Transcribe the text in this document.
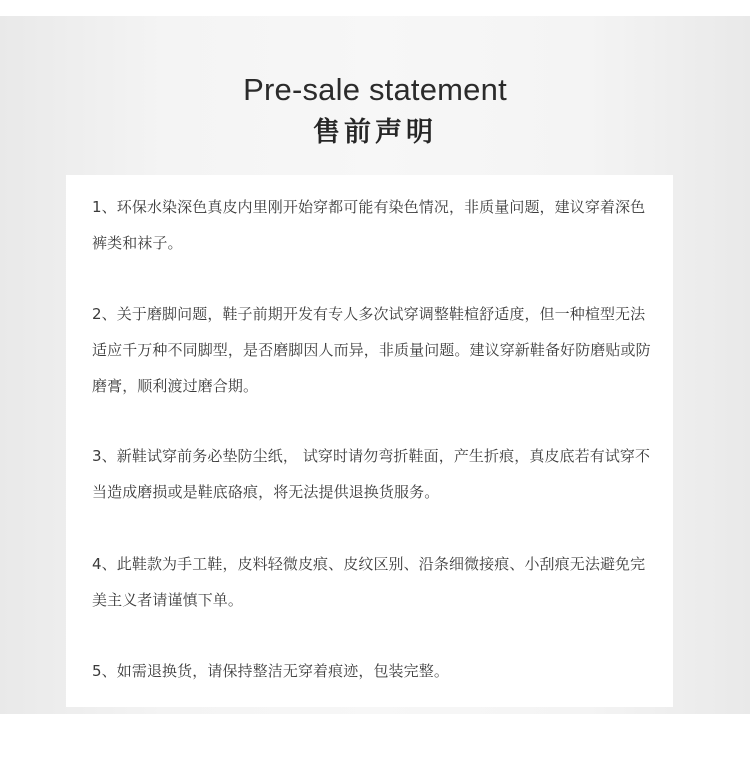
Pre-sale statement
售前声明

1、环保水染深色真皮内里刚开始穿都可能有染色情况，非质量问题，建议穿着深色裤类和袜子。

2、关于磨脚问题，鞋子前期开发有专人多次试穿调整鞋楦舒适度，但一种楦型无法适应千万种不同脚型，是否磨脚因人而异，非质量问题。建议穿新鞋备好防磨贴或防磨膏，顺利渡过磨合期。

3、新鞋试穿前务必垫防尘纸， 试穿时请勿弯折鞋面，产生折痕，真皮底若有试穿不当造成磨损或是鞋底硌痕，将无法提供退换货服务。

4、此鞋款为手工鞋，皮料轻微皮痕、皮纹区别、沿条细微接痕、小刮痕无法避免完美主义者请谨慎下单。

5、如需退换货，请保持整洁无穿着痕迹，包装完整。
